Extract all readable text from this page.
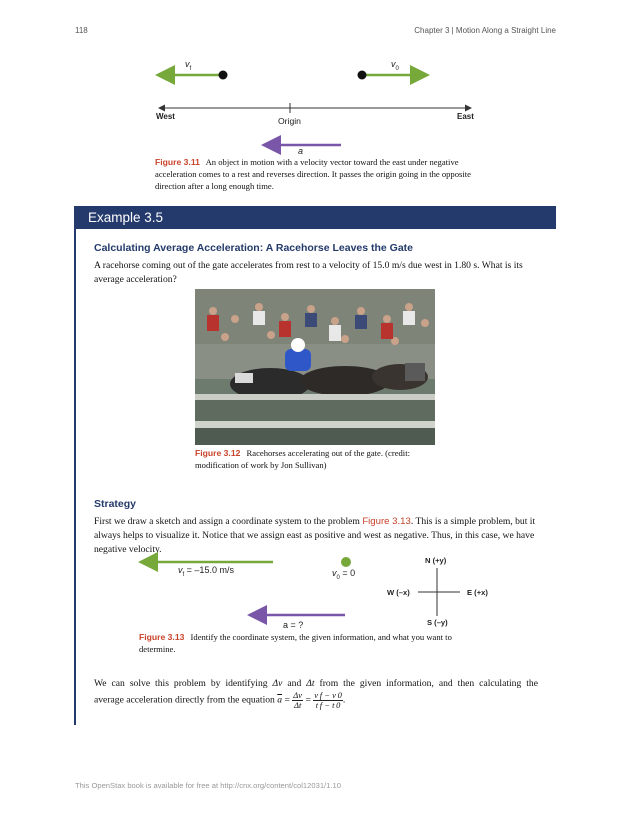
118	Chapter 3 | Motion Along a Straight Line
$v_f$	$v_0$
West	East
Origin
a
Figure 3.11 An object in motion with a velocity vector toward the east under negative acceleration comes to a rest and reverses direction. It passes the origin going in the opposite direction after a long enough time.
Example 3.5
Calculating Average Acceleration: A Racehorse Leaves the Gate
A racehorse coming out of the gate accelerates from rest to a velocity of 15.0 m/s due west in 1.80 s. What is its average acceleration?
Figure 3.12 Racehorses accelerating out of the gate. (credit: modification of work by Jon Sullivan)
Strategy
First we draw a sketch and assign a coordinate system to the problem Figure 3.13. This is a simple problem, but it always helps to visualize it. Notice that we assign east as positive and west as negative. Thus, in this case, we have negative velocity.
$v_f = -15.0$ m/s	$v_0 = 0$
a = ?
N (+y)
S (–y)
W (–x)	E (+x)
Figure 3.13 Identify the coordinate system, the given information, and what you want to determine.
We can solve this problem by identifying Δv and Δt from the given information, and then calculating the
average acceleration directly from the equation $\overline{a} = \frac{\Delta v}{\Delta t} = \frac{\text{v f − v 0}}{\text{t f − t 0}}$ .
This OpenStax book is available for free at http://cnx.org/content/col12031/1.10
